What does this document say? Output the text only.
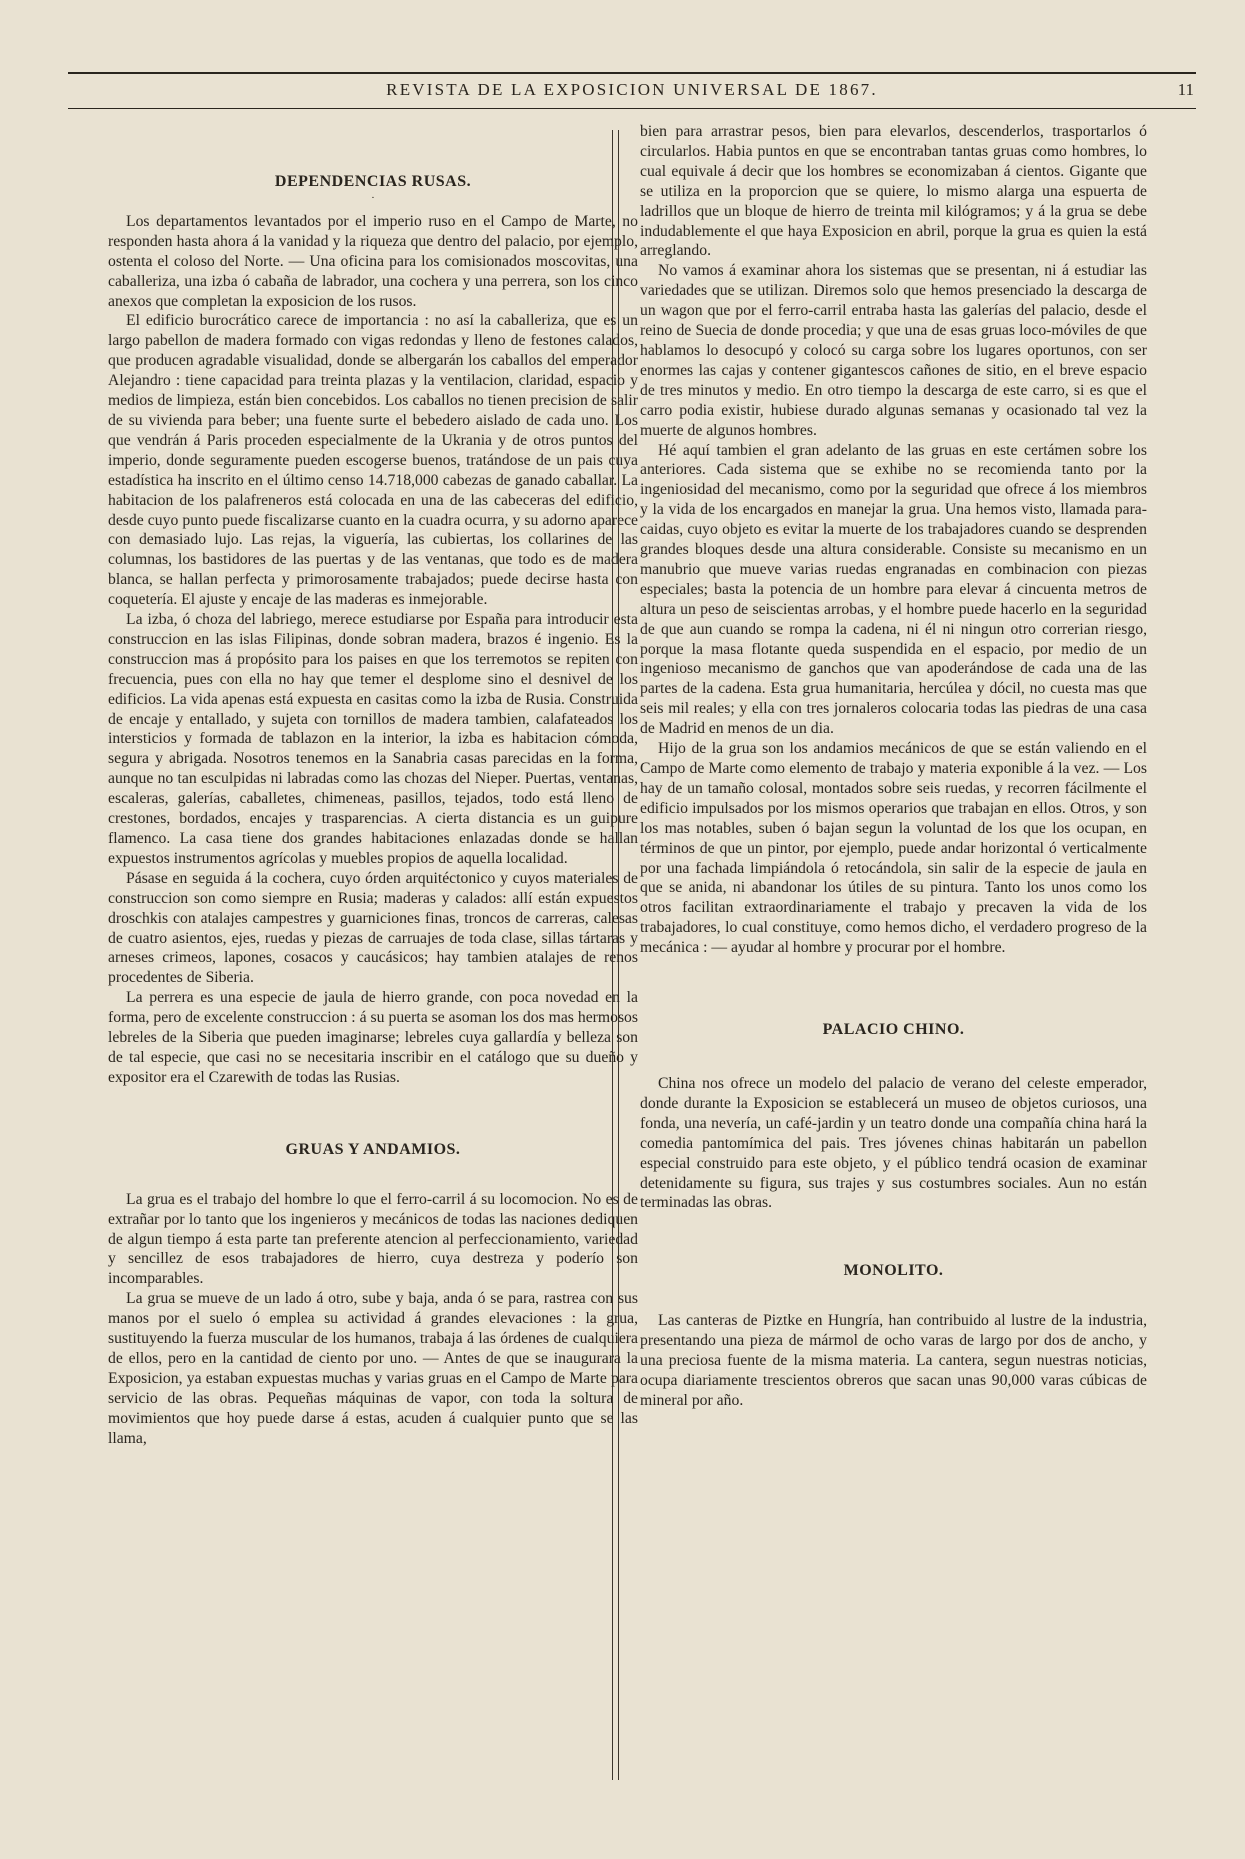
REVISTA DE LA EXPOSICION UNIVERSAL DE 1867.	11
DEPENDENCIAS RUSAS.
·

Los departamentos levantados por el imperio ruso en el Campo de Marte, no responden hasta ahora á la vanidad y la riqueza que dentro del palacio, por ejemplo, ostenta el coloso del Norte. — Una oficina para los comisionados moscovitas, una caballeriza, una izba ó cabaña de labrador, una cochera y una perrera, son los cinco anexos que completan la exposicion de los rusos.

El edificio burocrático carece de importancia : no así la caballeriza, que es un largo pabellon de madera formado con vigas redondas y lleno de festones calados, que producen agradable visualidad, donde se albergarán los caballos del emperador Alejandro : tiene capacidad para treinta plazas y la ventilacion, claridad, espacio y medios de limpieza, están bien concebidos. Los caballos no tienen precision de salir de su vivienda para beber; una fuente surte el bebedero aislado de cada uno. Los que vendrán á Paris proceden especialmente de la Ukrania y de otros puntos del imperio, donde seguramente pueden escogerse buenos, tratándose de un pais cuya estadística ha inscrito en el último censo 14.718,000 cabezas de ganado caballar. La habitacion de los palafreneros está colocada en una de las cabeceras del edificio, desde cuyo punto puede fiscalizarse cuanto en la cuadra ocurra, y su adorno aparece con demasiado lujo. Las rejas, la viguería, las cubiertas, los collarines de las columnas, los bastidores de las puertas y de las ventanas, que todo es de madera blanca, se hallan perfecta y primorosamente trabajados; puede decirse hasta con coquetería. El ajuste y encaje de las maderas es inmejorable.

La izba, ó choza del labriego, merece estudiarse por España para introducir esta construccion en las islas Filipinas, donde sobran madera, brazos é ingenio. Es la construccion mas á propósito para los paises en que los terremotos se repiten con frecuencia, pues con ella no hay que temer el desplome sino el desnivel de los edificios. La vida apenas está expuesta en casitas como la izba de Rusia. Construida de encaje y entallado, y sujeta con tornillos de madera tambien, calafateados los intersticios y formada de tablazon en la interior, la izba es habitacion cómoda, segura y abrigada. Nosotros tenemos en la Sanabria casas parecidas en la forma, aunque no tan esculpidas ni labradas como las chozas del Nieper. Puertas, ventanas, escaleras, galerías, caballetes, chimeneas, pasillos, tejados, todo está lleno de crestones, bordados, encajes y trasparencias. A cierta distancia es un guipure flamenco. La casa tiene dos grandes habitaciones enlazadas donde se hallan expuestos instrumentos agrícolas y muebles propios de aquella localidad.

Pásase en seguida á la cochera, cuyo órden arquitéctonico y cuyos materiales de construccion son como siempre en Rusia; maderas y calados: allí están expuestos droschkis con atalajes campestres y guarniciones finas, troncos de carreras, calesas de cuatro asientos, ejes, ruedas y piezas de carruajes de toda clase, sillas tártaras y arneses crimeos, lapones, cosacos y caucásicos; hay tambien atalajes de renos procedentes de Siberia.

La perrera es una especie de jaula de hierro grande, con poca novedad en la forma, pero de excelente construccion : á su puerta se asoman los dos mas hermosos lebreles de la Siberia que pueden imaginarse; lebreles cuya gallardía y belleza son de tal especie, que casi no se necesitaria inscribir en el catálogo que su dueño y expositor era el Czarewith de todas las Rusias.

GRUAS Y ANDAMIOS.

La grua es el trabajo del hombre lo que el ferro-carril á su locomocion. No es de extrañar por lo tanto que los ingenieros y mecánicos de todas las naciones dediquen de algun tiempo á esta parte tan preferente atencion al perfeccionamiento, variedad y sencillez de esos trabajadores de hierro, cuya destreza y poderío son incomparables.

La grua se mueve de un lado á otro, sube y baja, anda ó se para, rastrea con sus manos por el suelo ó emplea su actividad á grandes elevaciones : la grua, sustituyendo la fuerza muscular de los humanos, trabaja á las órdenes de cualquiera de ellos, pero en la cantidad de ciento por uno. — Antes de que se inaugurara la Exposicion, ya estaban expuestas muchas y varias gruas en el Campo de Marte para servicio de las obras. Pequeñas máquinas de vapor, con toda la soltura de movimientos que hoy puede darse á estas, acuden á cualquier punto que se las llama,

bien para arrastrar pesos, bien para elevarlos, descenderlos, trasportarlos ó circularlos. Habia puntos en que se encontraban tantas gruas como hombres, lo cual equivale á decir que los hombres se economizaban á cientos. Gigante que se utiliza en la proporcion que se quiere, lo mismo alarga una espuerta de ladrillos que un bloque de hierro de treinta mil kilógramos; y á la grua se debe indudablemente el que haya Exposicion en abril, porque la grua es quien la está arreglando.

No vamos á examinar ahora los sistemas que se presentan, ni á estudiar las variedades que se utilizan. Diremos solo que hemos presenciado la descarga de un wagon que por el ferro-carril entraba hasta las galerías del palacio, desde el reino de Suecia de donde procedia; y que una de esas gruas loco-móviles de que hablamos lo desocupó y colocó su carga sobre los lugares oportunos, con ser enormes las cajas y contener gigantescos cañones de sitio, en el breve espacio de tres minutos y medio. En otro tiempo la descarga de este carro, si es que el carro podia existir, hubiese durado algunas semanas y ocasionado tal vez la muerte de algunos hombres.

Hé aquí tambien el gran adelanto de las gruas en este certámen sobre los anteriores. Cada sistema que se exhibe no se recomienda tanto por la ingeniosidad del mecanismo, como por la seguridad que ofrece á los miembros y la vida de los encargados en manejar la grua. Una hemos visto, llamada para-caidas, cuyo objeto es evitar la muerte de los trabajadores cuando se desprenden grandes bloques desde una altura considerable. Consiste su mecanismo en un manubrio que mueve varias ruedas engranadas en combinacion con piezas especiales; basta la potencia de un hombre para elevar á cincuenta metros de altura un peso de seiscientas arrobas, y el hombre puede hacerlo en la seguridad de que aun cuando se rompa la cadena, ni él ni ningun otro correrian riesgo, porque la masa flotante queda suspendida en el espacio, por medio de un ingenioso mecanismo de ganchos que van apoderándose de cada una de las partes de la cadena. Esta grua humanitaria, hercúlea y dócil, no cuesta mas que seis mil reales; y ella con tres jornaleros colocaria todas las piedras de una casa de Madrid en menos de un dia.

Hijo de la grua son los andamios mecánicos de que se están valiendo en el Campo de Marte como elemento de trabajo y materia exponible á la vez. — Los hay de un tamaño colosal, montados sobre seis ruedas, y recorren fácilmente el edificio impulsados por los mismos operarios que trabajan en ellos. Otros, y son los mas notables, suben ó bajan segun la voluntad de los que los ocupan, en términos de que un pintor, por ejemplo, puede andar horizontal ó verticalmente por una fachada limpiándola ó retocándola, sin salir de la especie de jaula en que se anida, ni abandonar los útiles de su pintura. Tanto los unos como los otros facilitan extraordinariamente el trabajo y precaven la vida de los trabajadores, lo cual constituye, como hemos dicho, el verdadero progreso de la mecánica : — ayudar al hombre y procurar por el hombre.

PALACIO CHINO.

China nos ofrece un modelo del palacio de verano del celeste emperador, donde durante la Exposicion se establecerá un museo de objetos curiosos, una fonda, una nevería, un café-jardin y un teatro donde una compañía china hará la comedia pantomímica del pais. Tres jóvenes chinas habitarán un pabellon especial construido para este objeto, y el público tendrá ocasion de examinar detenidamente su figura, sus trajes y sus costumbres sociales. Aun no están terminadas las obras.

MONOLITO.

Las canteras de Piztke en Hungría, han contribuido al lustre de la industria, presentando una pieza de mármol de ocho varas de largo por dos de ancho, y una preciosa fuente de la misma materia. La cantera, segun nuestras noticias, ocupa diariamente trescientos obreros que sacan unas 90,000 varas cúbicas de mineral por año.
